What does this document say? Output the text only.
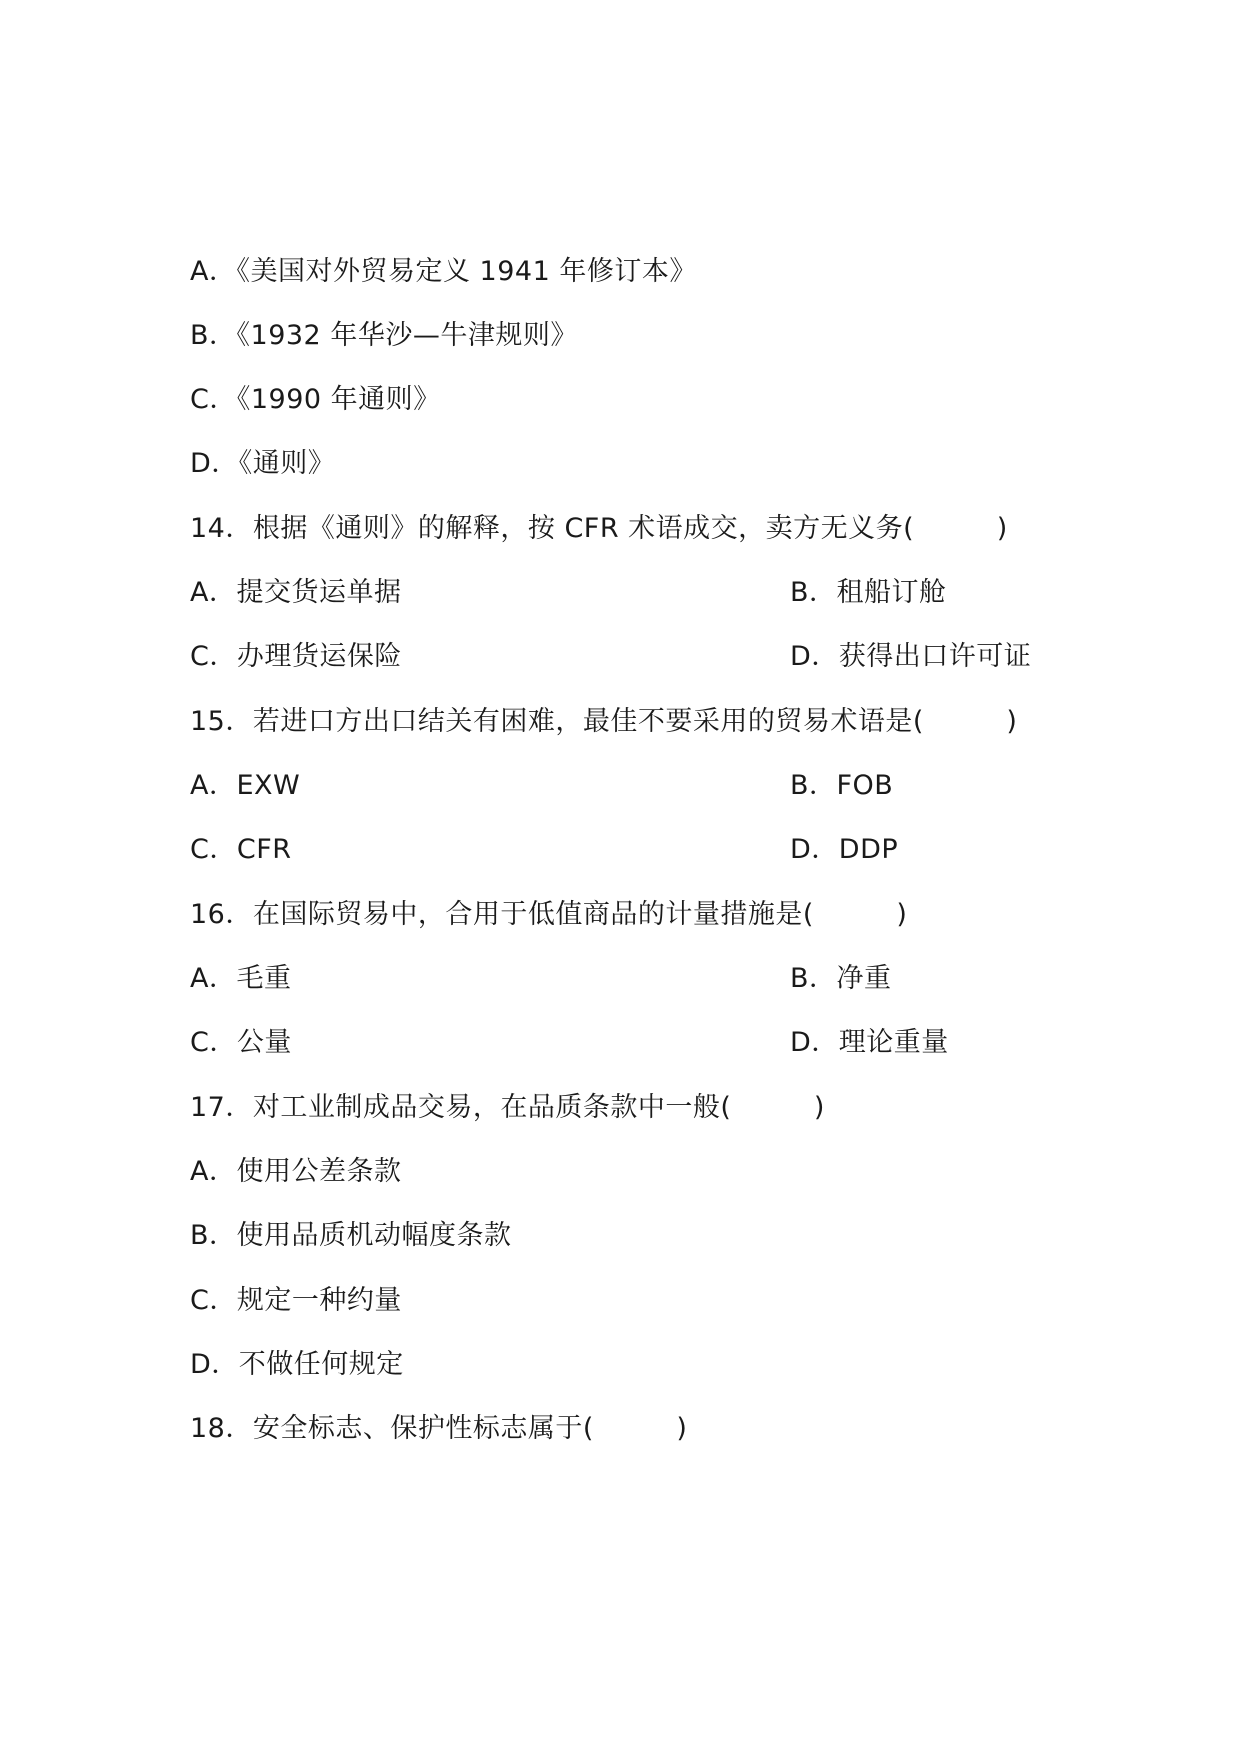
A．《美国对外贸易定义 1941 年修订本》
B．《1932 年华沙—牛津规则》
C．《1990 年通则》
D．《通则》
14．根据《通则》的解释，按 CFR 术语成交，卖方无义务(　　　)
A．提交货运单据	B．租船订舱
C．办理货运保险	D．获得出口许可证
15．若进口方出口结关有困难，最佳不要采用的贸易术语是(　　　)
A．EXW	B．FOB
C．CFR	D．DDP
16．在国际贸易中，合用于低值商品的计量措施是(　　　)
A．毛重	B．净重
C．公量	D．理论重量
17．对工业制成品交易，在品质条款中一般(　　　)
A．使用公差条款
B．使用品质机动幅度条款
C．规定一种约量
D．不做任何规定
18．安全标志、保护性标志属于(　　　)
